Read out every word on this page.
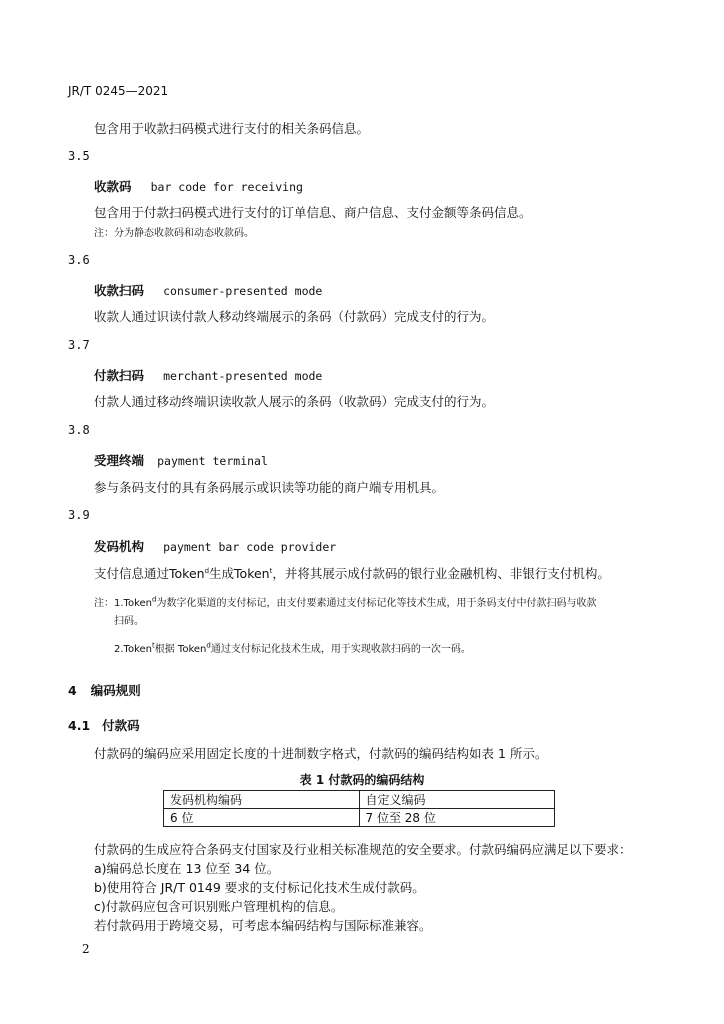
JR/T 0245—2021
包含用于收款扫码模式进行支付的相关条码信息。
3.5
收款码 bar code for receiving
包含用于付款扫码模式进行支付的订单信息、商户信息、支付金额等条码信息。
注：分为静态收款码和动态收款码。
3.6
收款扫码 consumer-presented mode
收款人通过识读付款人移动终端展示的条码（付款码）完成支付的行为。
3.7
付款扫码 merchant-presented mode
付款人通过移动终端识读收款人展示的条码（收款码）完成支付的行为。
3.8
受理终端 payment terminal
参与条码支付的具有条码展示或识读等功能的商户端专用机具。
3.9
发码机构 payment bar code provider
支付信息通过Token$^d$生成Token$^t$，并将其展示成付款码的银行业金融机构、非银行支付机构。
注：1.Token$^d$为数字化渠道的支付标记，由支付要素通过支付标记化等技术生成，用于条码支付中付款扫码与收款
扫码。
2.Token$^t$根据 Token$^d$通过支付标记化技术生成，用于实现收款扫码的一次一码。
4 编码规则
4.1 付款码
付款码的编码应采用固定长度的十进制数字格式，付款码的编码结构如表 1 所示。
表 1 付款码的编码结构
发码机构编码	自定义编码
6 位	7 位至 28 位
付款码的生成应符合条码支付国家及行业相关标准规范的安全要求。付款码编码应满足以下要求：
a)编码总长度在 13 位至 34 位。
b)使用符合 JR/T 0149 要求的支付标记化技术生成付款码。
c)付款码应包含可识别账户管理机构的信息。
若付款码用于跨境交易，可考虑本编码结构与国际标准兼容。
2
